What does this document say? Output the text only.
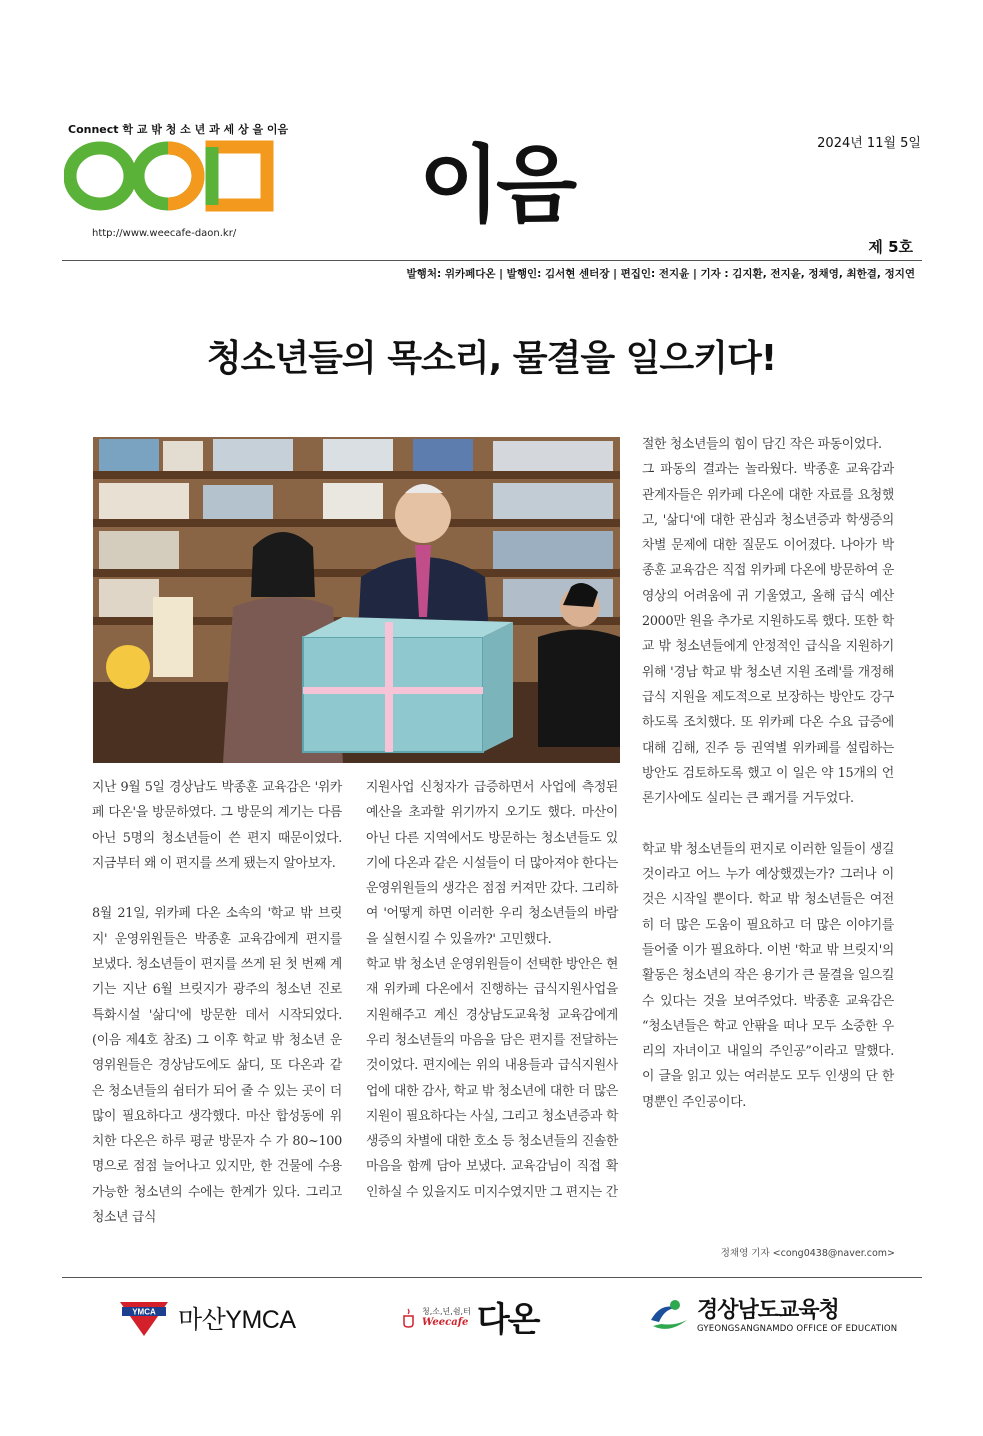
Connect 학 교 밖 청 소 년 과 세 상 을 이음
http://www.weecafe-daon.kr/ 이음	2024년 11월 5일
제 5호
발행처: 위카페다온 | 발행인: 김서현 센터장 | 편집인: 전지윤 | 기자 : 김지환, 전지윤, 정채영, 최한결, 정지연
청소년들의 목소리, 물결을 일으키다!

지난 9월 5일 경상남도 박종훈 교육감은 '위카페 다온'을 방문하였다. 그 방문의 계기는 다름 아닌 5명의 청소년들이 쓴 편지 때문이었다. 지금부터 왜 이 편지를 쓰게 됐는지 알아보자.

8월 21일, 위카페 다온 소속의 '학교 밖 브릿지' 운영위원들은 박종훈 교육감에게 편지를 보냈다. 청소년들이 편지를 쓰게 된 첫 번째 계기는 지난 6월 브릿지가 광주의 청소년 진로 특화시설 '삶디'에 방문한 데서 시작되었다. (이음 제4호 참조) 그 이후 학교 밖 청소년 운영위원들은 경상남도에도 삶디, 또 다온과 같은 청소년들의 쉼터가 되어 줄 수 있는 곳이 더 많이 필요하다고 생각했다. 마산 합성동에 위치한 다온은 하루 평균 방문자 수 가 80~100명으로 점점 늘어나고 있지만, 한 건물에 수용 가능한 청소년의 수에는 한계가 있다. 그리고 청소년 급식

지원사업 신청자가 급증하면서 사업에 측정된 예산을 초과할 위기까지 오기도 했다. 마산이 아닌 다른 지역에서도 방문하는 청소년들도 있기에 다온과 같은 시설들이 더 많아져야 한다는 운영위원들의 생각은 점점 커져만 갔다. 그리하여 '어떻게 하면 이러한 우리 청소년들의 바람을 실현시킬 수 있을까?' 고민했다.

학교 밖 청소년 운영위원들이 선택한 방안은 현재 위카페 다온에서 진행하는 급식지원사업을 지원해주고 계신 경상남도교육청 교육감에게 우리 청소년들의 마음을 담은 편지를 전달하는 것이었다. 편지에는 위의 내용들과 급식지원사업에 대한 감사, 학교 밖 청소년에 대한 더 많은 지원이 필요하다는 사실, 그리고 청소년증과 학생증의 차별에 대한 호소 등 청소년들의 진솔한 마음을 함께 담아 보냈다. 교육감님이 직접 확인하실 수 있을지도 미지수였지만 그 편지는 간

절한 청소년들의 힘이 담긴 작은 파동이었다.

그 파동의 결과는 놀라웠다. 박종훈 교육감과 관계자들은 위카페 다온에 대한 자료를 요청했고, '삶디'에 대한 관심과 청소년증과 학생증의 차별 문제에 대한 질문도 이어졌다. 나아가 박종훈 교육감은 직접 위카페 다온에 방문하여 운영상의 어려움에 귀 기울였고, 올해 급식 예산 2000만 원을 추가로 지원하도록 했다. 또한 학교 밖 청소년들에게 안정적인 급식을 지원하기 위해 '경남 학교 밖 청소년 지원 조례'를 개정해 급식 지원을 제도적으로 보장하는 방안도 강구하도록 조치했다. 또 위카페 다온 수요 급증에 대해 김해, 진주 등 권역별 위카페를 설립하는 방안도 검토하도록 했고 이 일은 약 15개의 언론기사에도 실리는 큰 쾌거를 거두었다.

학교 밖 청소년들의 편지로 이러한 일들이 생길 것이라고 어느 누가 예상했겠는가? 그러나 이것은 시작일 뿐이다. 학교 밖 청소년들은 여전히 더 많은 도움이 필요하고 더 많은 이야기를 들어줄 이가 필요하다. 이번 '학교 밖 브릿지'의 활동은 청소년의 작은 용기가 큰 물결을 일으킬 수 있다는 것을 보여주었다. 박종훈 교육감은 “청소년들은 학교 안팎을 떠나 모두 소중한 우리의 자녀이고 내일의 주인공”이라고 말했다. 이 글을 읽고 있는 여러분도 모두 인생의 단 한 명뿐인 주인공이다.

정채영 기자 <cong0438@naver.com>
YMCA 마산YMCA	청,소,년,쉼,터
Weecafe 다온	경상남도교육청
GYEONGSANGNAMDO OFFICE OF EDUCATION
